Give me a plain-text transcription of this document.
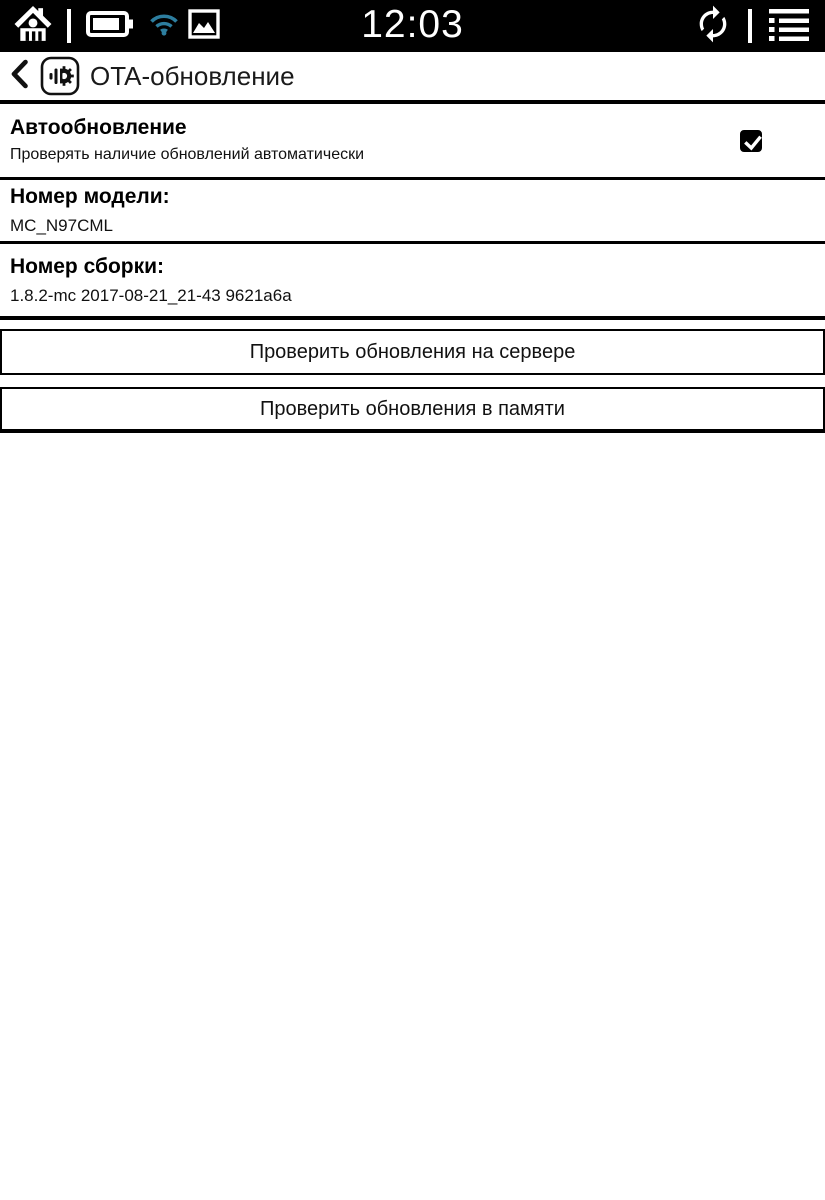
12:03
OTA-обновление
Автообновление
Проверять наличие обновлений автоматически
Номер модели:
MC_N97CML
Номер сборки:
1.8.2-mc 2017-08-21_21-43 9621a6a
Проверить обновления на сервере
Проверить обновления в памяти
